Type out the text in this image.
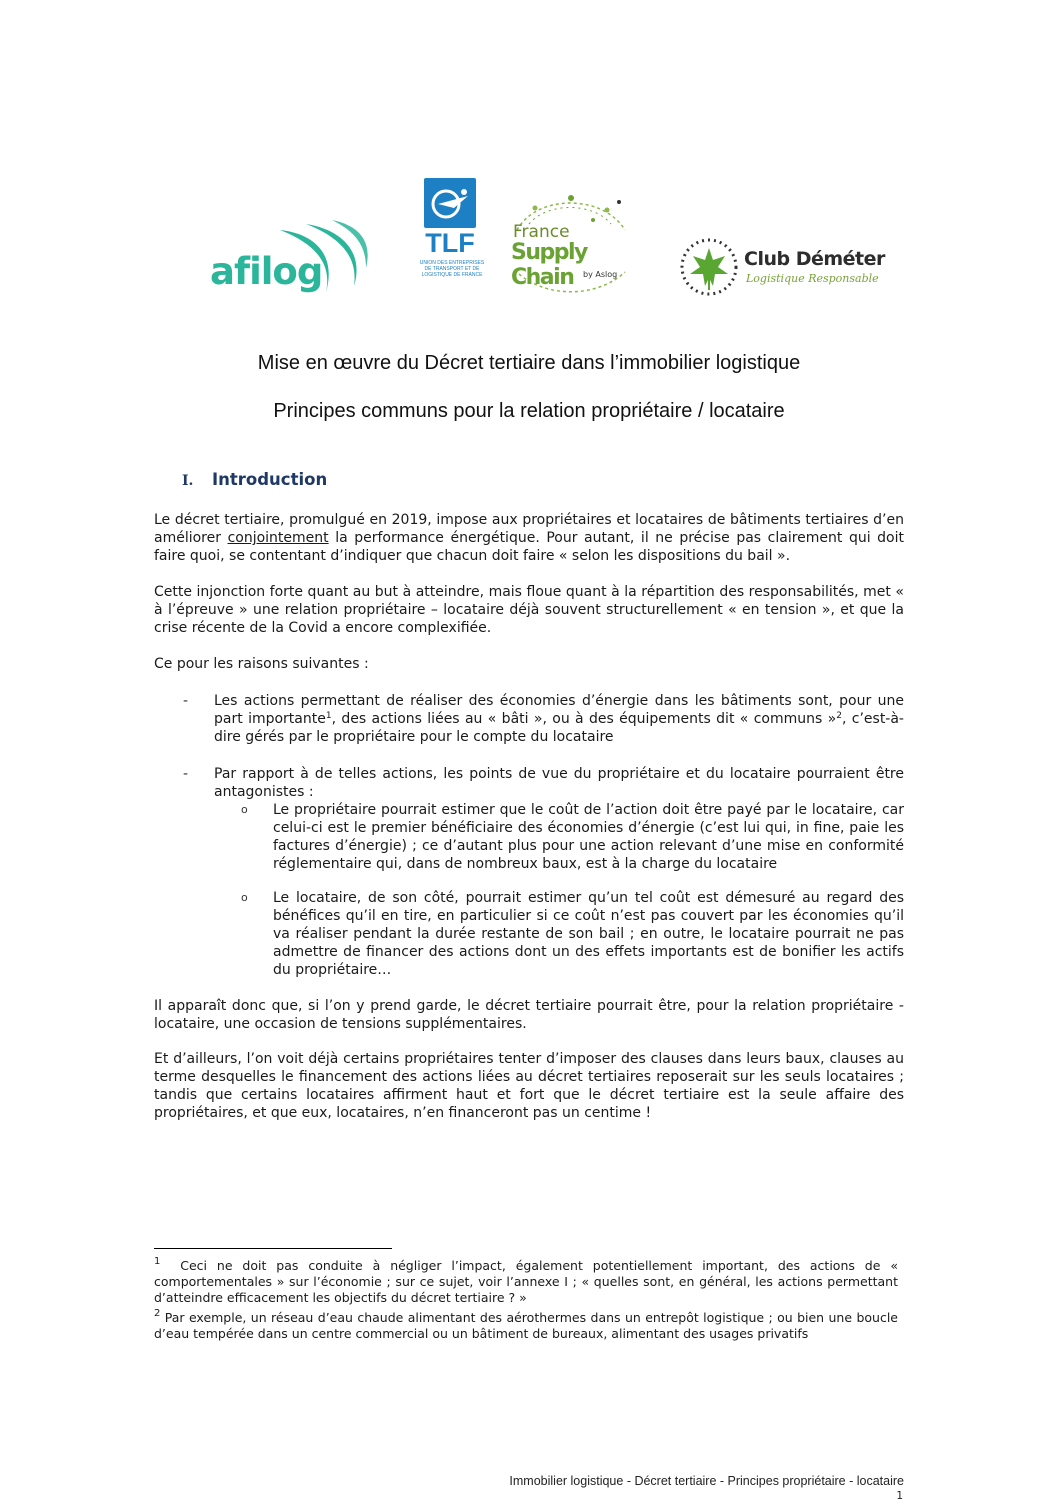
afilog
TLF
UNION DES ENTREPRISES DE TRANSPORT ET DE LOGISTIQUE DE FRANCE
France
Supply Chain	by Aslog
Club Déméter
Logistique Responsable
Mise en œuvre du Décret tertiaire dans l’immobilier logistique
Principes communs pour la relation propriétaire / locataire
I. Introduction
Le décret tertiaire, promulgué en 2019, impose aux propriétaires et locataires de bâtiments tertiaires d’en améliorer conjointement la performance énergétique. Pour autant, il ne précise pas clairement qui doit faire quoi, se contentant d’indiquer que chacun doit faire « selon les dispositions du bail ».
Cette injonction forte quant au but à atteindre, mais floue quant à la répartition des responsabilités, met « à l’épreuve » une relation propriétaire – locataire déjà souvent structurellement « en tension », et que la crise récente de la Covid a encore complexifiée.
Ce pour les raisons suivantes :
- Les actions permettant de réaliser des économies d’énergie dans les bâtiments sont, pour une part importante$^1$, des actions liées au « bâti », ou à des équipements dit « communs »$^2$, c’est-à-dire gérés par le propriétaire pour le compte du locataire
- Par rapport à de telles actions, les points de vue du propriétaire et du locataire pourraient être antagonistes :
o Le propriétaire pourrait estimer que le coût de l’action doit être payé par le locataire, car celui-ci est le premier bénéficiaire des économies d’énergie (c’est lui qui, in fine, paie les factures d’énergie) ; ce d’autant plus pour une action relevant d’une mise en conformité réglementaire qui, dans de nombreux baux, est à la charge du locataire
o Le locataire, de son côté, pourrait estimer qu’un tel coût est démesuré au regard des bénéfices qu’il en tire, en particulier si ce coût n’est pas couvert par les économies qu’il va réaliser pendant la durée restante de son bail ; en outre, le locataire pourrait ne pas admettre de financer des actions dont un des effets importants est de bonifier les actifs du propriétaire…
Il apparaît donc que, si l’on y prend garde, le décret tertiaire pourrait être, pour la relation propriétaire - locataire, une occasion de tensions supplémentaires.
Et d’ailleurs, l’on voit déjà certains propriétaires tenter d’imposer des clauses dans leurs baux, clauses au terme desquelles le financement des actions liées au décret tertiaires reposerait sur les seuls locataires ; tandis que certains locataires affirment haut et fort que le décret tertiaire est la seule affaire des propriétaires, et que eux, locataires, n’en financeront pas un centime !
$^1$ Ceci ne doit pas conduite à négliger l’impact, également potentiellement important, des actions de « comportementales » sur l’économie ; sur ce sujet, voir l’annexe I ; « quelles sont, en général, les actions permettant d’atteindre efficacement les objectifs du décret tertiaire ? »
$^2$ Par exemple, un réseau d’eau chaude alimentant des aérothermes dans un entrepôt logistique ; ou bien une boucle d’eau tempérée dans un centre commercial ou un bâtiment de bureaux, alimentant des usages privatifs
Immobilier logistique - Décret tertiaire - Principes propriétaire - locataire
1
